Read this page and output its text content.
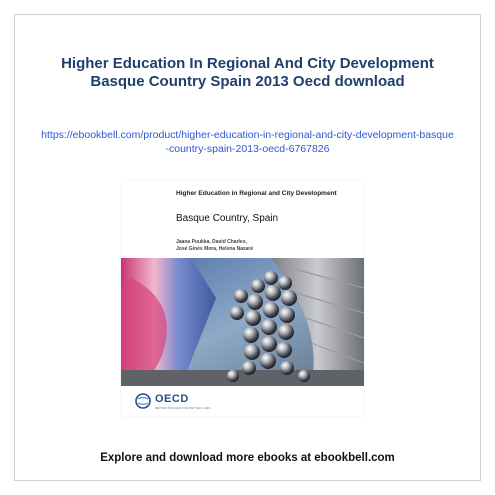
Higher Education In Regional And City Development Basque Country Spain 2013 Oecd download
https://ebookbell.com/product/higher-education-in-regional-and-city-development-basque-country-spain-2013-oecd-6767826
Higher Education in Regional and City Development
Basque Country, Spain
Jaana Puukka, David Charles,
José Ginés Mora, Helena Nazaré
OECD
BETTER POLICIES FOR BETTER LIVES
Explore and download more ebooks at ebookbell.com
